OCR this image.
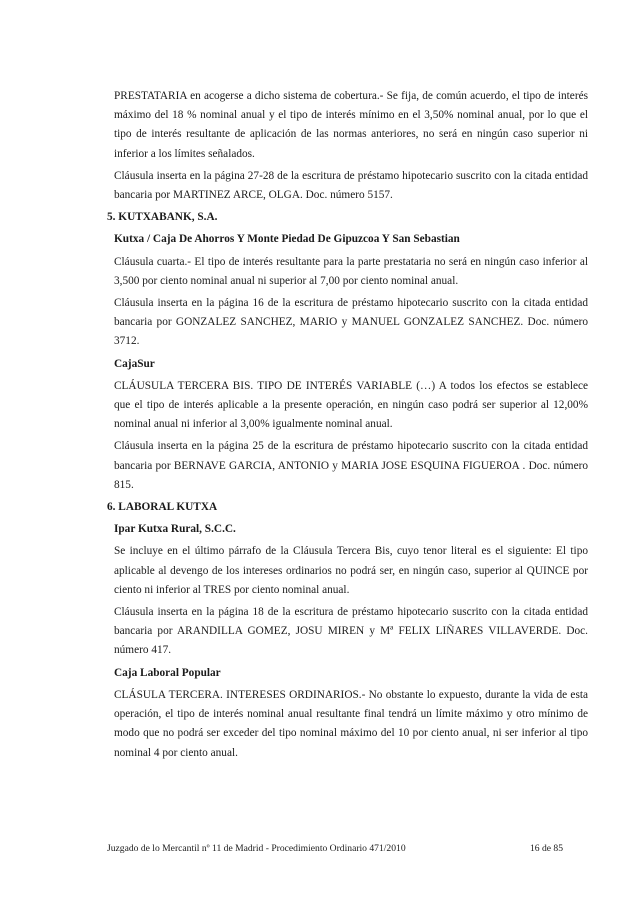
PRESTATARIA en acogerse a dicho sistema de cobertura.- Se fija, de común acuerdo, el tipo de interés máximo del 18 % nominal anual y el tipo de interés mínimo en el 3,50% nominal anual, por lo que el tipo de interés resultante de aplicación de las normas anteriores, no será en ningún caso superior ni inferior a los límites señalados.

Cláusula inserta en la página 27-28 de la escritura de préstamo hipotecario suscrito con la citada entidad bancaria por MARTINEZ ARCE, OLGA. Doc. número 5157.

5. KUTXABANK, S.A.

Kutxa / Caja De Ahorros Y Monte Piedad De Gipuzcoa Y San Sebastian

Cláusula cuarta.- El tipo de interés resultante para la parte prestataria no será en ningún caso inferior al 3,500 por ciento nominal anual ni superior al 7,00 por ciento nominal anual.

Cláusula inserta en la página 16 de la escritura de préstamo hipotecario suscrito con la citada entidad bancaria por GONZALEZ SANCHEZ, MARIO y MANUEL GONZALEZ SANCHEZ. Doc. número 3712.

CajaSur

CLÁUSULA TERCERA BIS. TIPO DE INTERÉS VARIABLE (…) A todos los efectos se establece que el tipo de interés aplicable a la presente operación, en ningún caso podrá ser superior al 12,00% nominal anual ni inferior al 3,00% igualmente nominal anual.

Cláusula inserta en la página 25 de la escritura de préstamo hipotecario suscrito con la citada entidad bancaria por BERNAVE GARCIA, ANTONIO y MARIA JOSE ESQUINA FIGUEROA . Doc. número 815.

6. LABORAL KUTXA

Ipar Kutxa Rural, S.C.C.

Se incluye en el último párrafo de la Cláusula Tercera Bis, cuyo tenor literal es el siguiente: El tipo aplicable al devengo de los intereses ordinarios no podrá ser, en ningún caso, superior al QUINCE por ciento ni inferior al TRES por ciento nominal anual.

Cláusula inserta en la página 18 de la escritura de préstamo hipotecario suscrito con la citada entidad bancaria por ARANDILLA GOMEZ, JOSU MIREN y Mª FELIX LIÑARES VILLAVERDE. Doc. número 417.

Caja Laboral Popular

CLÁSULA TERCERA. INTERESES ORDINARIOS.- No obstante lo expuesto, durante la vida de esta operación, el tipo de interés nominal anual resultante final tendrá un límite máximo y otro mínimo de modo que no podrá ser exceder del tipo nominal máximo del 10 por ciento anual, ni ser inferior al tipo nominal 4 por ciento anual.

Juzgado de lo Mercantil nº 11 de Madrid - Procedimiento Ordinario 471/2010	16 de 85
